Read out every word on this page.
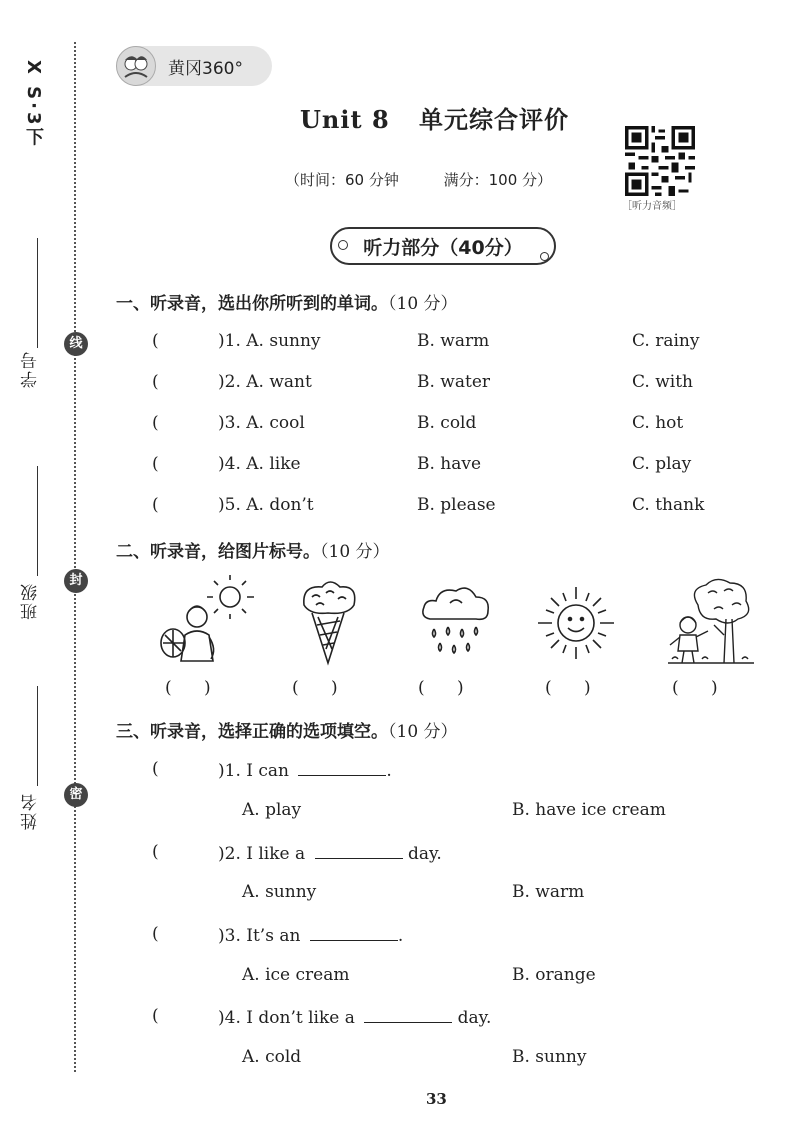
X S·3下
线
封
密
学号
班级
姓名
黄冈360°
Unit 8 单元综合评价
（时间：60 分钟	满分：100 分）
［听力音频］
听力部分（40分）
一、听录音，选出你所听到的单词。（10 分）
(	)1. A. sunny	B. warm	C. rainy
(	)2. A. want	B. water	C. with
(	)3. A. cool	B. cold	C. hot
(	)4. A. like	B. have	C. play
(	)5. A. don’t	B. please	C. thank
二、听录音，给图片标号。（10 分）
(      )	(      )	(      )	(      )	(      )
三、听录音，选择正确的选项填空。（10 分）
(	)1. I can	.
A. play	B. have ice cream
(	)2. I like a	day.
A. sunny	B. warm
(	)3. It’s an	.
A. ice cream	B. orange
(	)4. I don’t like a	day.
A. cold	B. sunny
33
